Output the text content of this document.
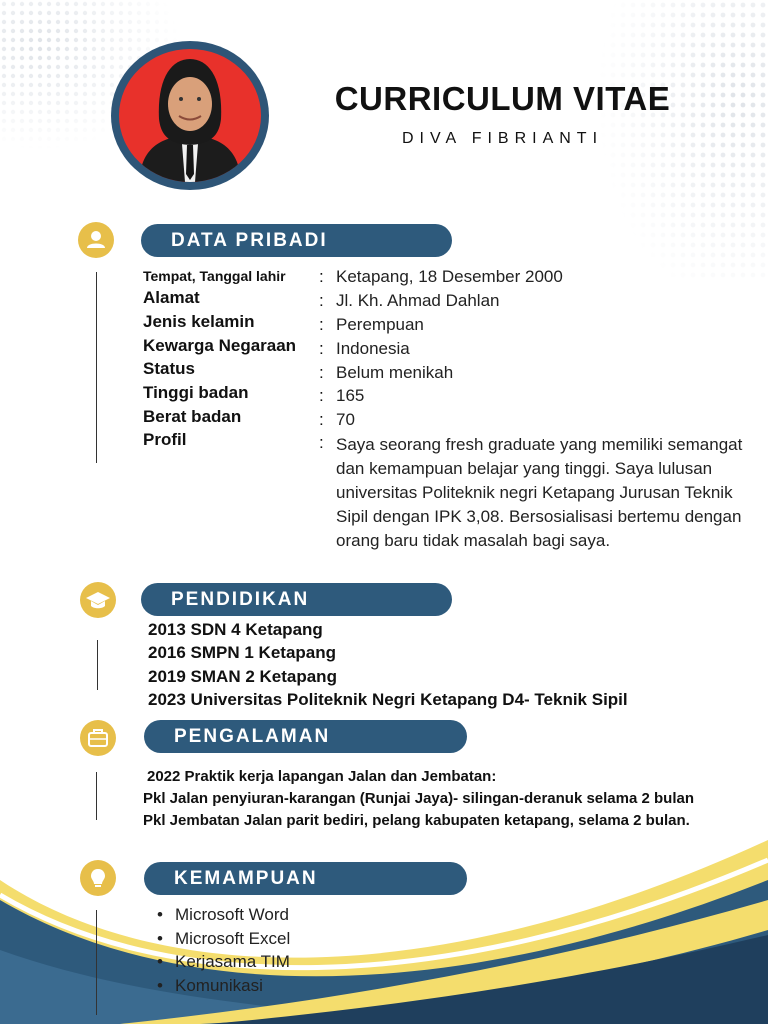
CURRICULUM VITAE
DIVA FIBRIANTI
DATA PRIBADI
Tempat, Tanggal lahir : Ketapang, 18 Desember 2000
Alamat	: Jl. Kh. Ahmad Dahlan
Jenis kelamin	: Perempuan
Kewarga Negaraan : Indonesia
Status	: Belum menikah
Tinggi badan	: 165
Berat badan	: 70
Profil	: Saya seorang fresh graduate yang memiliki semangat dan kemampuan belajar yang tinggi. Saya lulusan universitas Politeknik negri Ketapang Jurusan Teknik Sipil dengan IPK 3,08. Bersosialisasi bertemu dengan orang baru tidak masalah bagi saya.
PENDIDIKAN
2013 SDN 4 Ketapang
2016 SMPN 1 Ketapang
2019 SMAN 2 Ketapang
2023 Universitas Politeknik Negri Ketapang D4- Teknik Sipil
PENGALAMAN
2022 Praktik kerja lapangan Jalan dan Jembatan:
Pkl Jalan penyiuran-karangan (Runjai Jaya)- silingan-deranuk selama 2 bulan
Pkl Jembatan Jalan parit bediri, pelang kabupaten ketapang, selama 2 bulan.
KEMAMPUAN
• Microsoft Word
• Microsoft Excel
• Kerjasama TIM
• Komunikasi
